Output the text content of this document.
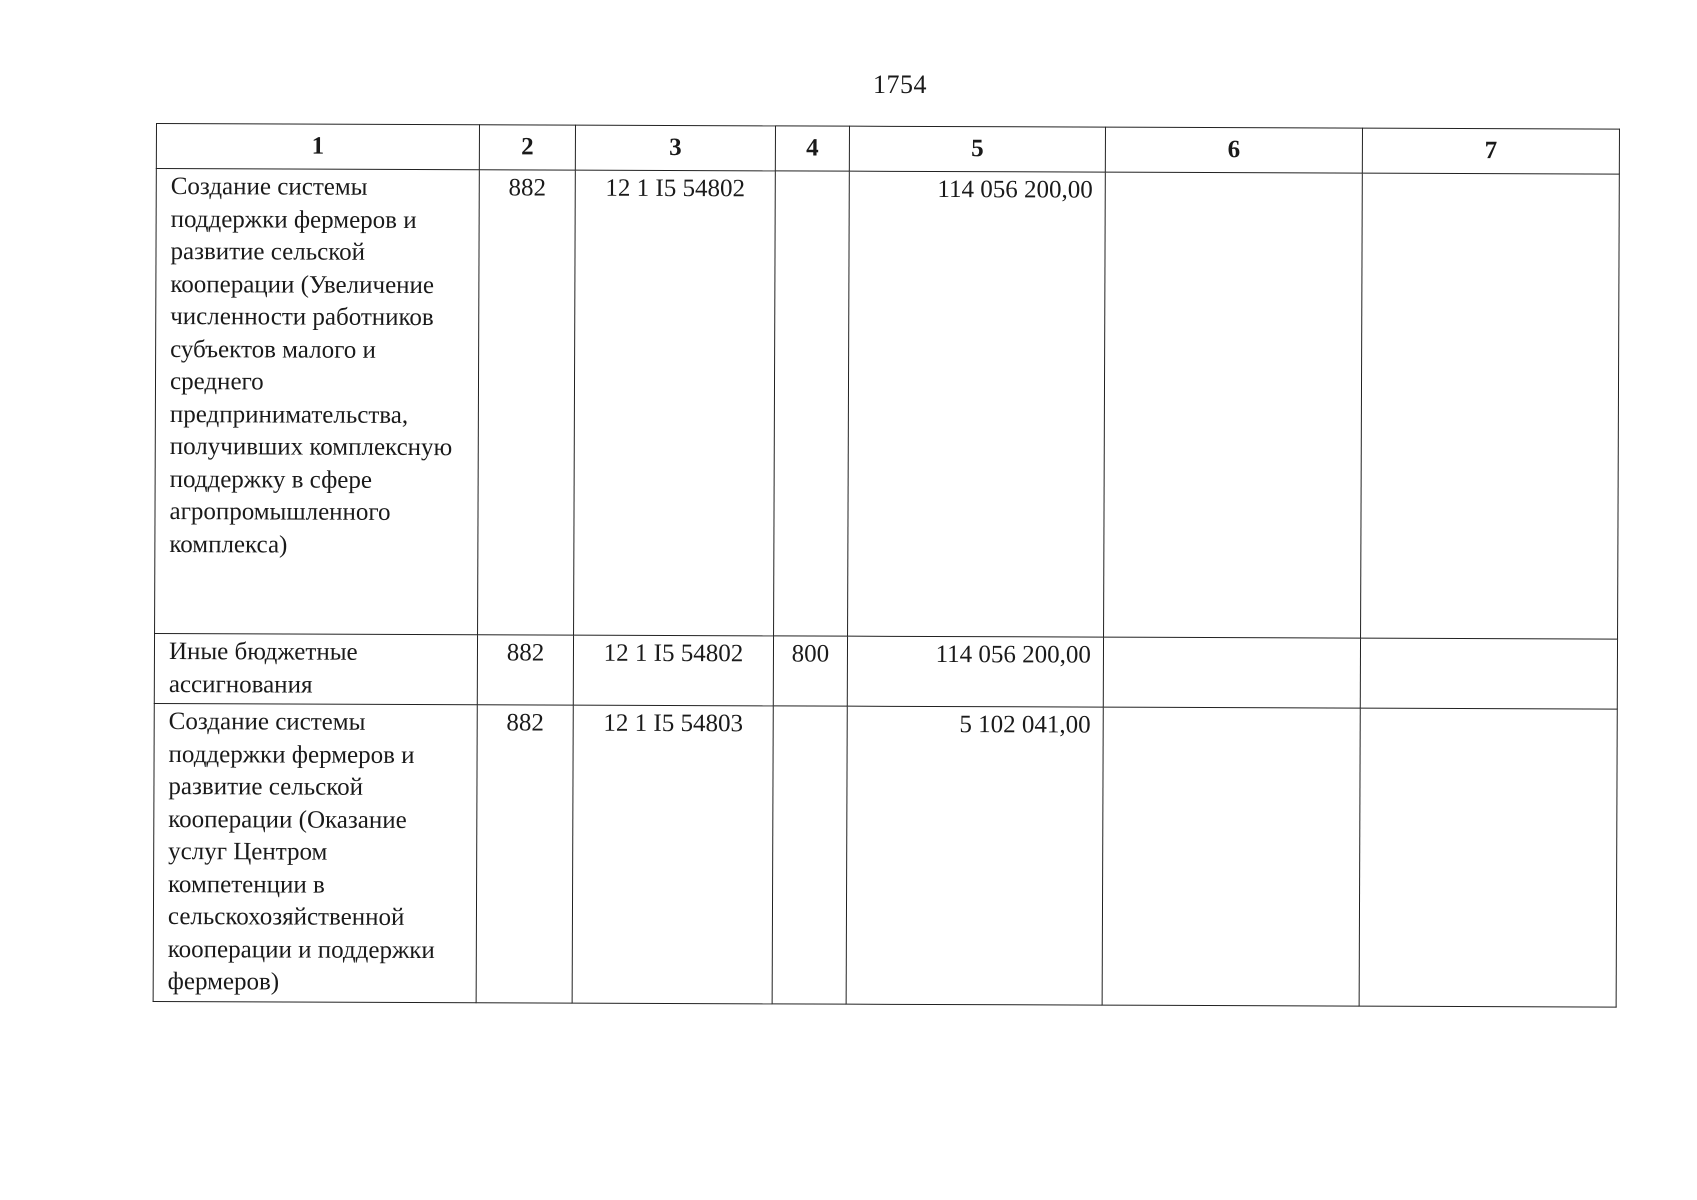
1754
1	2	3	4	5	6	7
Создание системы поддержки фермеров и развитие сельской кооперации (Увеличение численности работников субъектов малого и среднего предпринимательства, получивших комплексную поддержку в сфере агропромышленного комплекса)	882	12 1 I5 54802		114 056 200,00		
Иные бюджетные ассигнования	882	12 1 I5 54802	800	114 056 200,00		
Создание системы поддержки фермеров и развитие сельской кооперации (Оказание услуг Центром компетенции в сельскохозяйственной кооперации и поддержки фермеров)	882	12 1 I5 54803		5 102 041,00		
